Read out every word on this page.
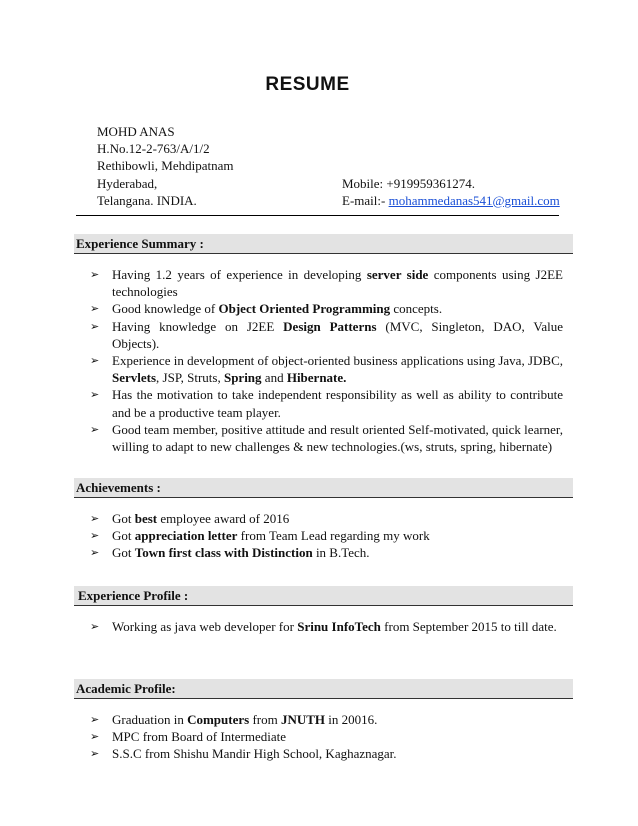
RESUME
MOHD ANAS
H.No.12-2-763/A/1/2
Rethibowli, Mehdipatnam
Hyderabad,	Mobile: +919959361274.
Telangana. INDIA.	E-mail:- mohammedanas541@gmail.com
Experience Summary :
➢ Having 1.2 years of experience in developing server side components using J2EE technologies
➢ Good knowledge of Object Oriented Programming concepts.
➢ Having knowledge on J2EE Design Patterns (MVC, Singleton, DAO, Value Objects).
➢ Experience in development of object-oriented business applications using Java, JDBC, Servlets, JSP, Struts, Spring and Hibernate.
➢ Has the motivation to take independent responsibility as well as ability to contribute and be a productive team player.
➢ Good team member, positive attitude and result oriented Self-motivated, quick learner, willing to adapt to new challenges & new technologies.(ws, struts, spring, hibernate)
Achievements :
➢ Got best employee award of 2016
➢ Got appreciation letter from Team Lead regarding my work
➢ Got Town first class with Distinction in B.Tech.
Experience Profile :
➢ Working as java web developer for Srinu InfoTech from September 2015 to till date.
Academic Profile:
➢ Graduation in Computers from JNUTH in 20016.
➢ MPC from Board of Intermediate
➢ S.S.C from Shishu Mandir High School, Kaghaznagar.
